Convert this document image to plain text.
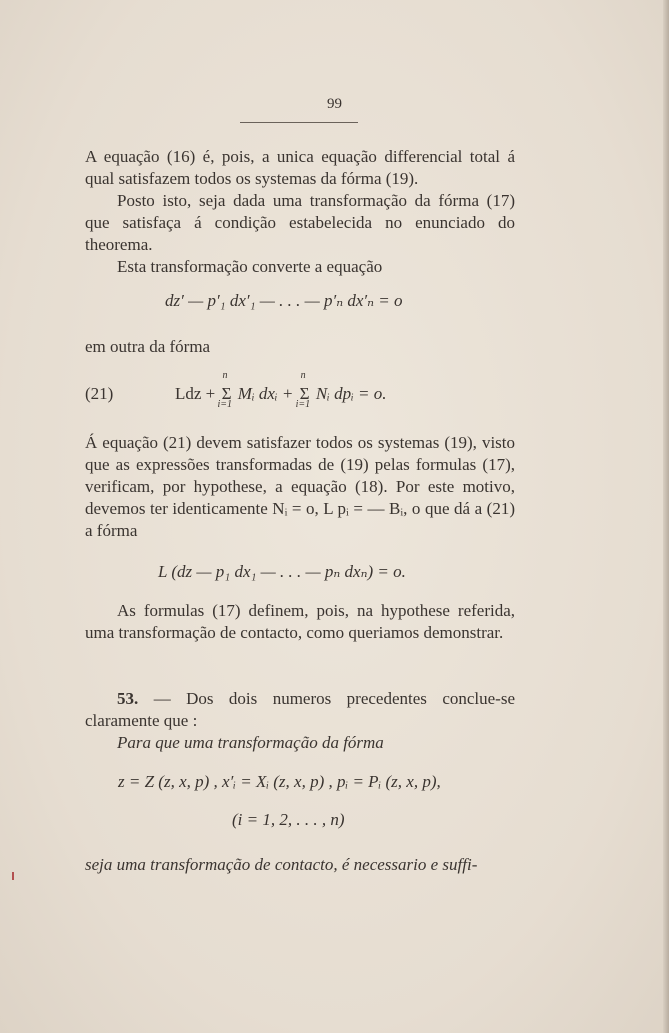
99
A equação (16) é, pois, a unica equação differencial total á qual satisfazem todos os systemas da fórma (19).
Posto isto, seja dada uma transformação da fórma (17) que satisfaça á condição estabelecida no enunciado do theorema.
Esta transformação converte a equação
dz′ — p′₁ dx′₁ — . . . — p′ₙ dx′ₙ = o
em outra da fórma
(21)	Ldz +
n
Σ
i=1
Mᵢ dxᵢ +
n
Σ
i=1
Nᵢ dpᵢ = o.
Á equação (21) devem satisfazer todos os systemas (19), visto que as expressões transformadas de (19) pelas formulas (17), verificam, por hypothese, a equação (18). Por este motivo, devemos ter identicamente Nᵢ = o, L pᵢ = — Bᵢ, o que dá a (21) a fórma
L (dz — p₁ dx₁ — . . . — pₙ dxₙ) = o.
As formulas (17) definem, pois, na hypothese referida, uma transformação de contacto, como queriamos demonstrar.
53. — Dos dois numeros precedentes conclue-se claramente que :
Para que uma transformação da fórma
z = Z (z, x, p) , x′ᵢ = Xᵢ (z, x, p) , pᵢ = Pᵢ (z, x, p),
(i = 1, 2, . . . , n)
seja uma transformação de contacto, é necessario e suffi-
